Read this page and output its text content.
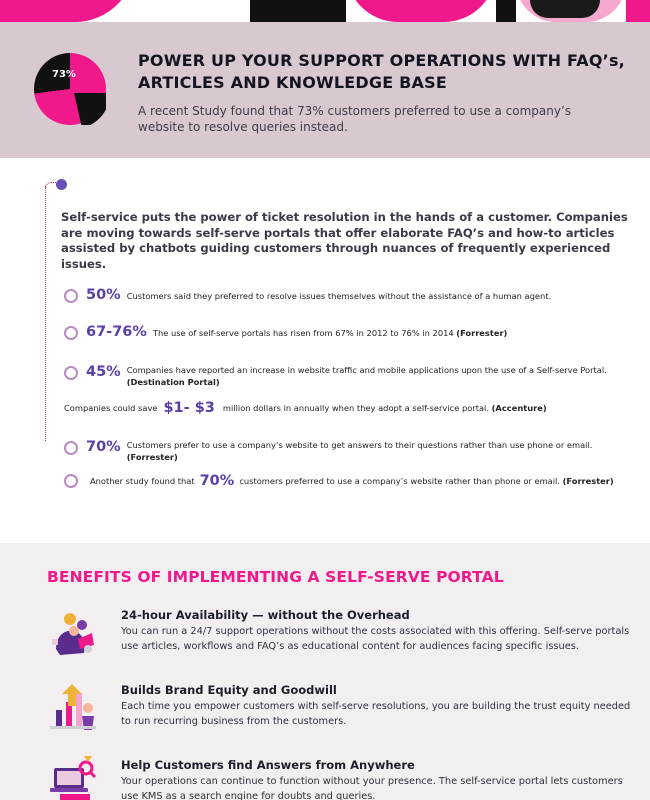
73%
POWER UP YOUR SUPPORT OPERATIONS WITH FAQ’s, ARTICLES AND KNOWLEDGE BASE

A recent Study found that 73% customers preferred to use a company’s website to resolve queries instead.

Self-service puts the power of ticket resolution in the hands of a customer. Companies are moving towards self-serve portals that offer elaborate FAQ’s and how-to articles assisted by chatbots guiding customers through nuances of frequently experienced issues.

50% Customers said they preferred to resolve issues themselves without the assistance of a human agent.
67-76% The use of self-serve portals has risen from 67% in 2012 to 76% in 2014 (Forrester)
45% Companies have reported an increase in website traffic and mobile applications upon the use of a Self-serve Portal.
(Destination Portal)
Companies could save $1- $3 million dollars in annually when they adopt a self-service portal.
(Accenture)
70% Customers prefer to use a company’s website to get answers to their questions rather than use phone or email.
(Forrester)
Another study found that 70% customers preferred to use a company’s website rather than phone or email. (Forrester)
BENEFITS OF IMPLEMENTING A SELF-SERVE PORTAL
24-hour Availability — without the Overhead
You can run a 24/7 support operations without the costs associated with this offering. Self-serve portals use articles, workflows and FAQ’s as educational content for audiences facing specific issues.
Builds Brand Equity and Goodwill
Each time you empower customers with self-serve resolutions, you are building the trust equity needed to run recurring business from the customers.
Help Customers find Answers from Anywhere
Your operations can continue to function without your presence. The self-service portal lets customers use KMS as a search engine for doubts and queries.
